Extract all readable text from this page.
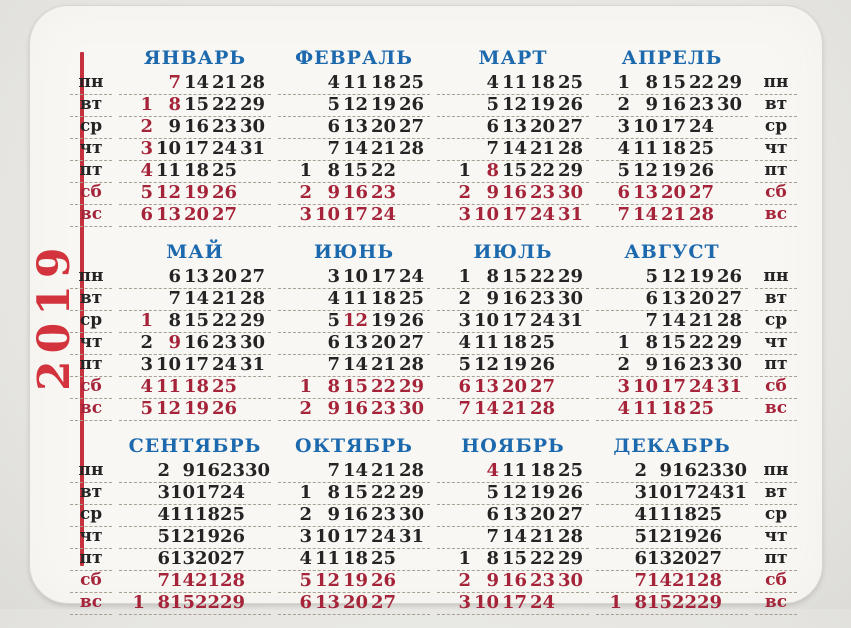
2019
пн
вт
ср
чт
пт
сб
вс
ЯНВАРЬ
7 14 21 28
1 8 15 22 29
2 9 16 23 30
3 10 17 24 31
4 11 18 25
5 12 19 26
6 13 20 27
ФЕВРАЛЬ
4 11 18 25
5 12 19 26
6 13 20 27
7 14 21 28
1 8 15 22
2 9 16 23
3 10 17 24
МАРТ
4 11 18 25
5 12 19 26
6 13 20 27
7 14 21 28
1 8 15 22 29
2 9 16 23 30
3 10 17 24 31
АПРЕЛЬ
1 8 15 22 29
2 9 16 23 30
3 10 17 24
4 11 18 25
5 12 19 26
6 13 20 27
7 14 21 28
пн
вт
ср
чт
пт
сб
вс
пн
вт
ср
чт
пт
сб
вс
МАЙ
6 13 20 27
7 14 21 28
1 8 15 22 29
2 9 16 23 30
3 10 17 24 31
4 11 18 25
5 12 19 26
ИЮНЬ
3 10 17 24
4 11 18 25
5 12 19 26
6 13 20 27
7 14 21 28
1 8 15 22 29
2 9 16 23 30
ИЮЛЬ
1 8 15 22 29
2 9 16 23 30
3 10 17 24 31
4 11 18 25
5 12 19 26
6 13 20 27
7 14 21 28
АВГУСТ
5 12 19 26
6 13 20 27
7 14 21 28
1 8 15 22 29
2 9 16 23 30
3 10 17 24 31
4 11 18 25
пн
вт
ср
чт
пт
сб
вс
пн
вт
ср
чт
пт
сб
вс
СЕНТЯБРЬ
2 9162330
3101724
4111825
5121926
6132027
7142128
1 8152229
ОКТЯБРЬ
7 14 21 28
1 8 15 22 29
2 9 16 23 30
3 10 17 24 31
4 11 18 25
5 12 19 26
6 13 20 27
НОЯБРЬ
4 11 18 25
5 12 19 26
6 13 20 27
7 14 21 28
1 8 15 22 29
2 9 16 23 30
3 10 17 24
ДЕКАБРЬ
2 9162330
310172431
4111825
5121926
6132027
7142128
1 8152229
пн
вт
ср
чт
пт
сб
вс
